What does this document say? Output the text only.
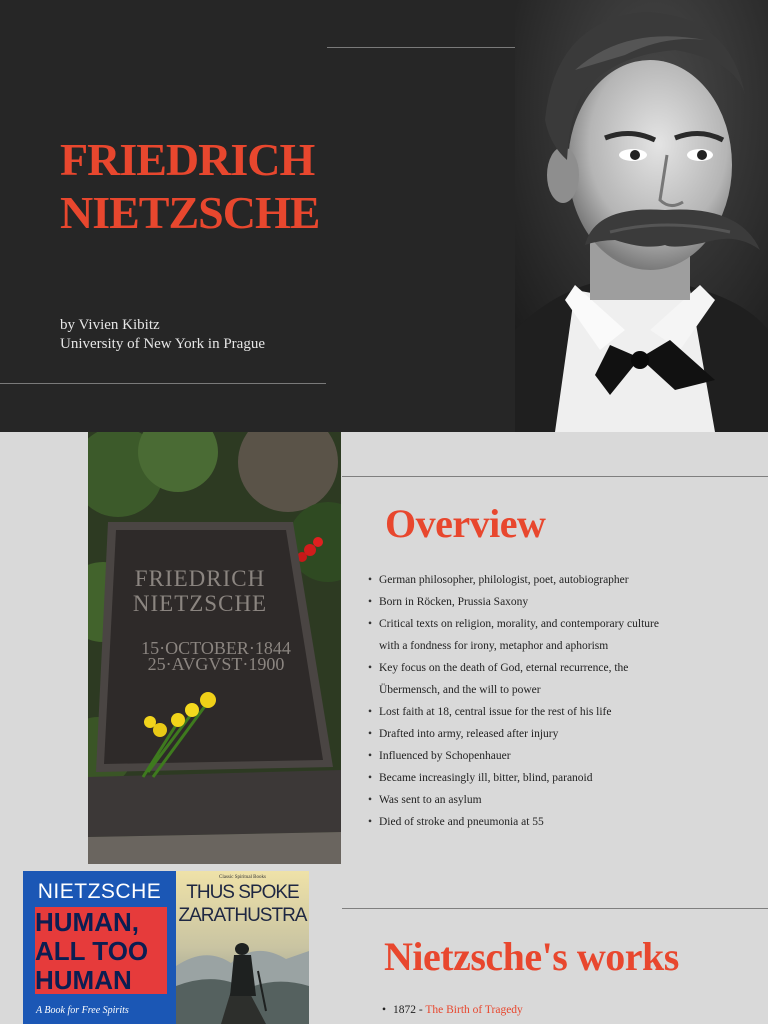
FRIEDRICH NIETZSCHE
by Vivien Kibitz
University of New York in Prague
FRIEDRICH
NIETZSCHE
15·OCTOBER·1844
25·AVGVST·1900
Overview
• German philosopher, philologist, poet, autobiographer
• Born in Röcken, Prussia Saxony
• Critical texts on religion, morality, and contemporary culture
with a fondness for irony, metaphor and aphorism
• Key focus on the death of God, eternal recurrence, the
Übermensch, and the will to power
• Lost faith at 18, central issue for the rest of his life
• Drafted into army, released after injury
• Influenced by Schopenhauer
• Became increasingly ill, bitter, blind, paranoid
• Was sent to an asylum
• Died of stroke and pneumonia at 55
NIETZSCHE
HUMAN,
ALL TOO
HUMAN
A Book for Free Spirits
Classic Spiritual Books
THUS SPOKE
ZARATHUSTRA
Nietzsche's works
• 1872 - The Birth of Tragedy
